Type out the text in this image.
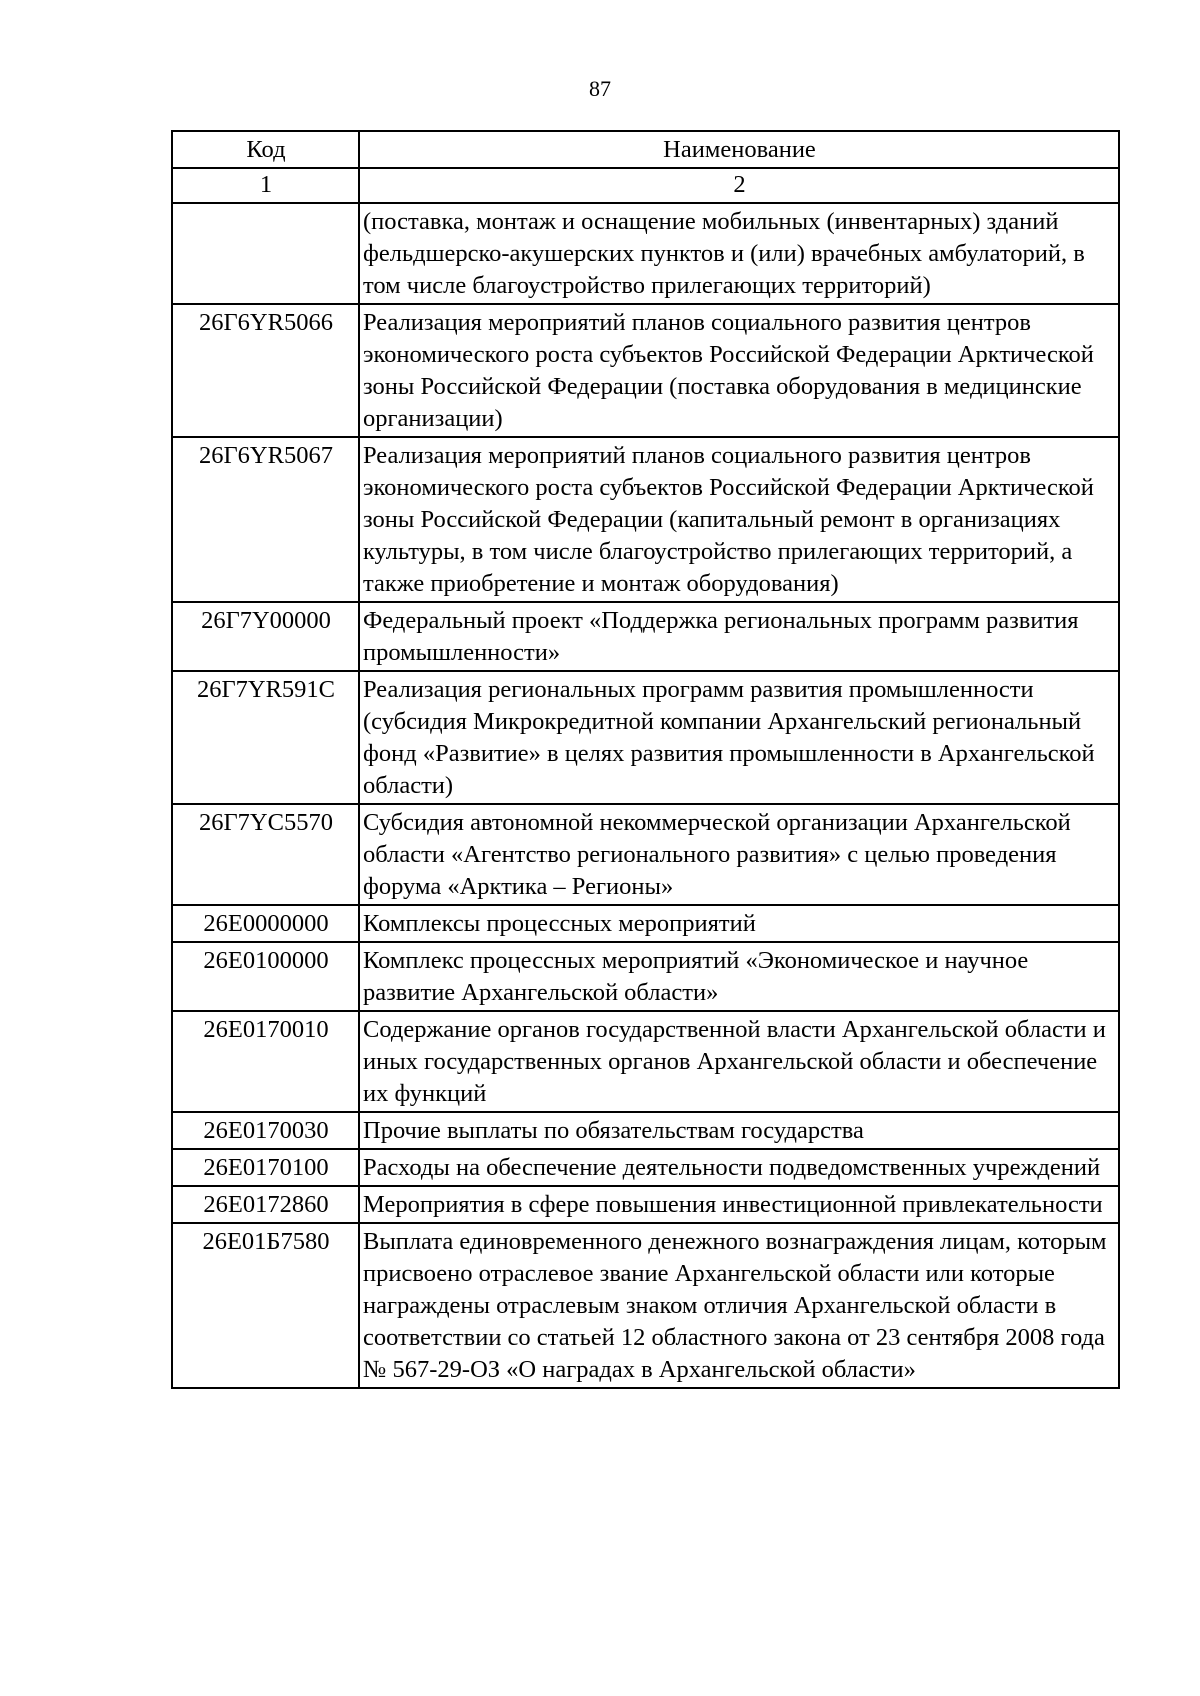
87
Код	Наименование
1	2
	(поставка, монтаж и оснащение мобильных (инвентарных) зданий фельдшерско-акушерских пунктов и (или) врачебных амбулаторий, в том числе благоустройство прилегающих территорий)
26Г6YR5066	Реализация мероприятий планов социального развития центров экономического роста субъектов Российской Федерации Арктической зоны Российской Федерации (поставка оборудования в медицинские организации)
26Г6YR5067	Реализация мероприятий планов социального развития центров экономического роста субъектов Российской Федерации Арктической зоны Российской Федерации (капитальный ремонт в организациях культуры, в том числе благоустройство прилегающих территорий, а также приобретение и монтаж оборудования)
26Г7Y00000	Федеральный проект «Поддержка региональных программ развития промышленности»
26Г7YR591C	Реализация региональных программ развития промышленности (субсидия Микрокредитной компании Архангельский региональный фонд «Развитие» в целях развития промышленности в Архангельской области)
26Г7YC5570	Субсидия автономной некоммерческой организации Архангельской области «Агентство регионального развития» с целью проведения форума «Арктика – Регионы»
26Е0000000	Комплексы процессных мероприятий
26Е0100000	Комплекс процессных мероприятий «Экономическое и научное развитие Архангельской области»
26Е0170010	Содержание органов государственной власти Архангельской области и иных государственных органов Архангельской области и обеспечение их функций
26Е0170030	Прочие выплаты по обязательствам государства
26Е0170100	Расходы на обеспечение деятельности подведомственных учреждений
26Е0172860	Мероприятия в сфере повышения инвестиционной привлекательности
26Е01Б7580	Выплата единовременного денежного вознаграждения лицам, которым присвоено отраслевое звание Архангельской области или которые награждены отраслевым знаком отличия Архангельской области в соответствии со статьей 12 областного закона от 23 сентября 2008 года № 567-29-ОЗ «О наградах в Архангельской области»
